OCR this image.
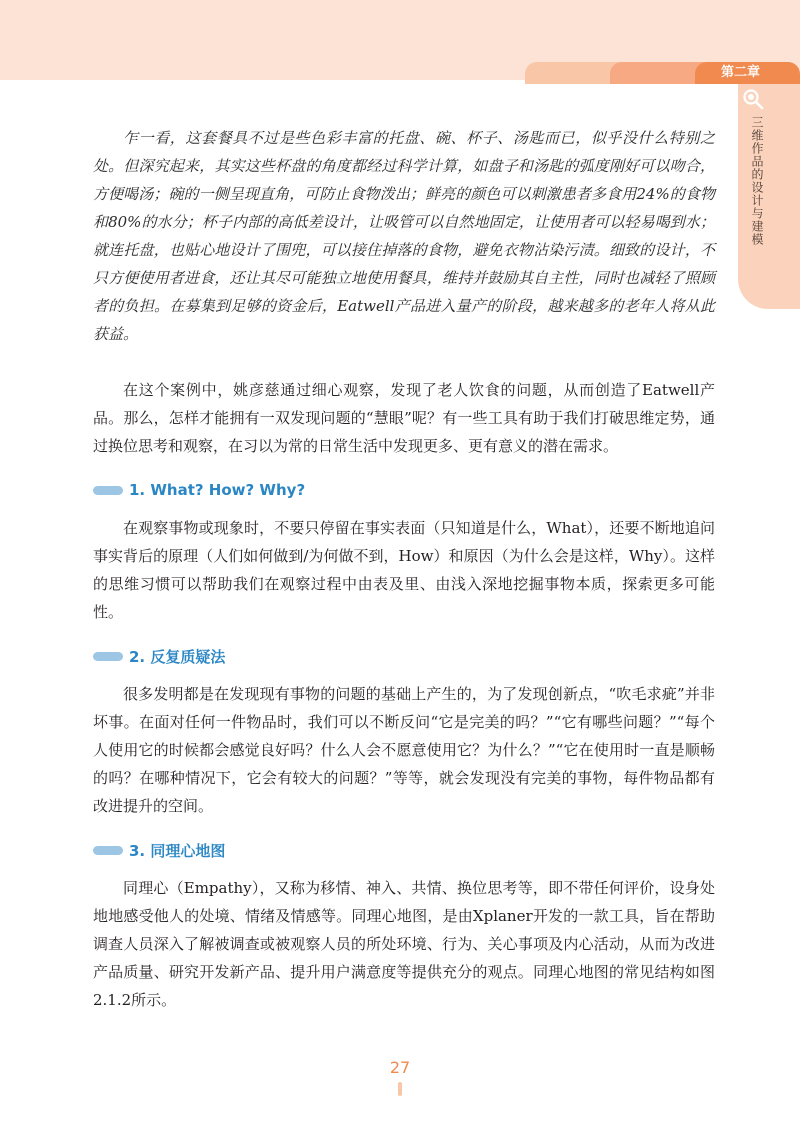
第二章
三维作品的设计与建模

乍一看，这套餐具不过是些色彩丰富的托盘、碗、杯子、汤匙而已，似乎没什么特别之处。但深究起来，其实这些杯盘的角度都经过科学计算，如盘子和汤匙的弧度刚好可以吻合，方便喝汤；碗的一侧呈现直角，可防止食物泼出；鲜亮的颜色可以刺激患者多食用24%的食物和80%的水分；杯子内部的高低差设计，让吸管可以自然地固定，让使用者可以轻易喝到水；就连托盘，也贴心地设计了围兜，可以接住掉落的食物，避免衣物沾染污渍。细致的设计，不只方便使用者进食，还让其尽可能独立地使用餐具，维持并鼓励其自主性，同时也减轻了照顾者的负担。在募集到足够的资金后，Eatwell产品进入量产的阶段，越来越多的老年人将从此获益。

在这个案例中，姚彦慈通过细心观察，发现了老人饮食的问题，从而创造了Eatwell产品。那么，怎样才能拥有一双发现问题的“慧眼”呢？有一些工具有助于我们打破思维定势，通过换位思考和观察，在习以为常的日常生活中发现更多、更有意义的潜在需求。

1. What? How? Why?

在观察事物或现象时，不要只停留在事实表面（只知道是什么，What），还要不断地追问事实背后的原理（人们如何做到/为何做不到，How）和原因（为什么会是这样，Why）。这样的思维习惯可以帮助我们在观察过程中由表及里、由浅入深地挖掘事物本质，探索更多可能性。

2. 反复质疑法

很多发明都是在发现现有事物的问题的基础上产生的，为了发现创新点，“吹毛求疵”并非坏事。在面对任何一件物品时，我们可以不断反问“它是完美的吗？”“它有哪些问题？”“每个人使用它的时候都会感觉良好吗？什么人会不愿意使用它？为什么？”“它在使用时一直是顺畅的吗？在哪种情况下，它会有较大的问题？”等等，就会发现没有完美的事物，每件物品都有改进提升的空间。

3. 同理心地图

同理心（Empathy），又称为移情、神入、共情、换位思考等，即不带任何评价，设身处地地感受他人的处境、情绪及情感等。同理心地图，是由Xplaner开发的一款工具，旨在帮助调查人员深入了解被调查或被观察人员的所处环境、行为、关心事项及内心活动，从而为改进产品质量、研究开发新产品、提升用户满意度等提供充分的观点。同理心地图的常见结构如图2.1.2所示。

27
